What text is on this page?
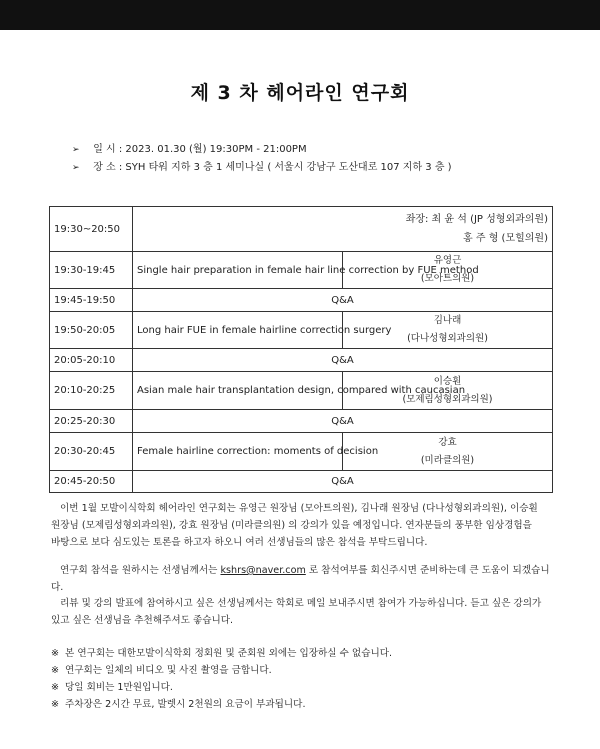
제 3 차 헤어라인 연구회
➢ 일 시 : 2023. 01.30 (월) 19:30PM - 21:00PM
➢ 장 소 : SYH 타워 지하 3 층 1 세미나실 ( 서울시 강남구 도산대로 107 지하 3 층 )
19:30~20:50	좌장: 최 윤 석 (JP 성형외과의원)
홍 주 형 (모힐의원)	

19:30-19:45	Single hair preparation in female hair line correction by FUE method	유영근
(모아트의원)

19:45-19:50	Q&A	
19:50-20:05	Long hair FUE in female hairline correction surgery	김나래
(다나성형외과의원)

20:05-20:10	Q&A	
20:10-20:25	Asian male hair transplantation design, compared with caucasian	이승훤
(모제림성형외과의원)

20:25-20:30	Q&A	
20:30-20:45	Female hairline correction: moments of decision	강효
(미라클의원)

20:45-20:50	Q&A	
이번 1월 모발이식학회 헤어라인 연구회는 유영근 원장님 (모아트의원), 김나래 원장님 (다나성형외과의원), 이승훤
원장님 (모제림성형외과의원), 강효 원장님 (미라클의원) 의 강의가 있을 예정입니다. 연자분들의 풍부한 임상경험을
바탕으로 보다 심도있는 토론을 하고자 하오니 여러 선생님들의 많은 참석을 부탁드립니다.
연구회 참석을 원하시는 선생님께서는 kshrs@naver.com 로 참석여부를 회신주시면 준비하는데 큰 도움이 되겠습니다.
리뷰 및 강의 발표에 참여하시고 싶은 선생님께서는 학회로 메일 보내주시면 참여가 가능하십니다. 듣고 싶은 강의가
있고 싶은 선생님을 추천해주셔도 좋습니다.
※ 본 연구회는 대한모발이식학회 정회원 및 준회원 외에는 입장하실 수 없습니다.
※ 연구회는 일체의 비디오 및 사진 촬영을 금합니다.
※ 당일 회비는 1만원입니다.
※ 주차장은 2시간 무료, 발렛시 2천원의 요금이 부과됩니다.
